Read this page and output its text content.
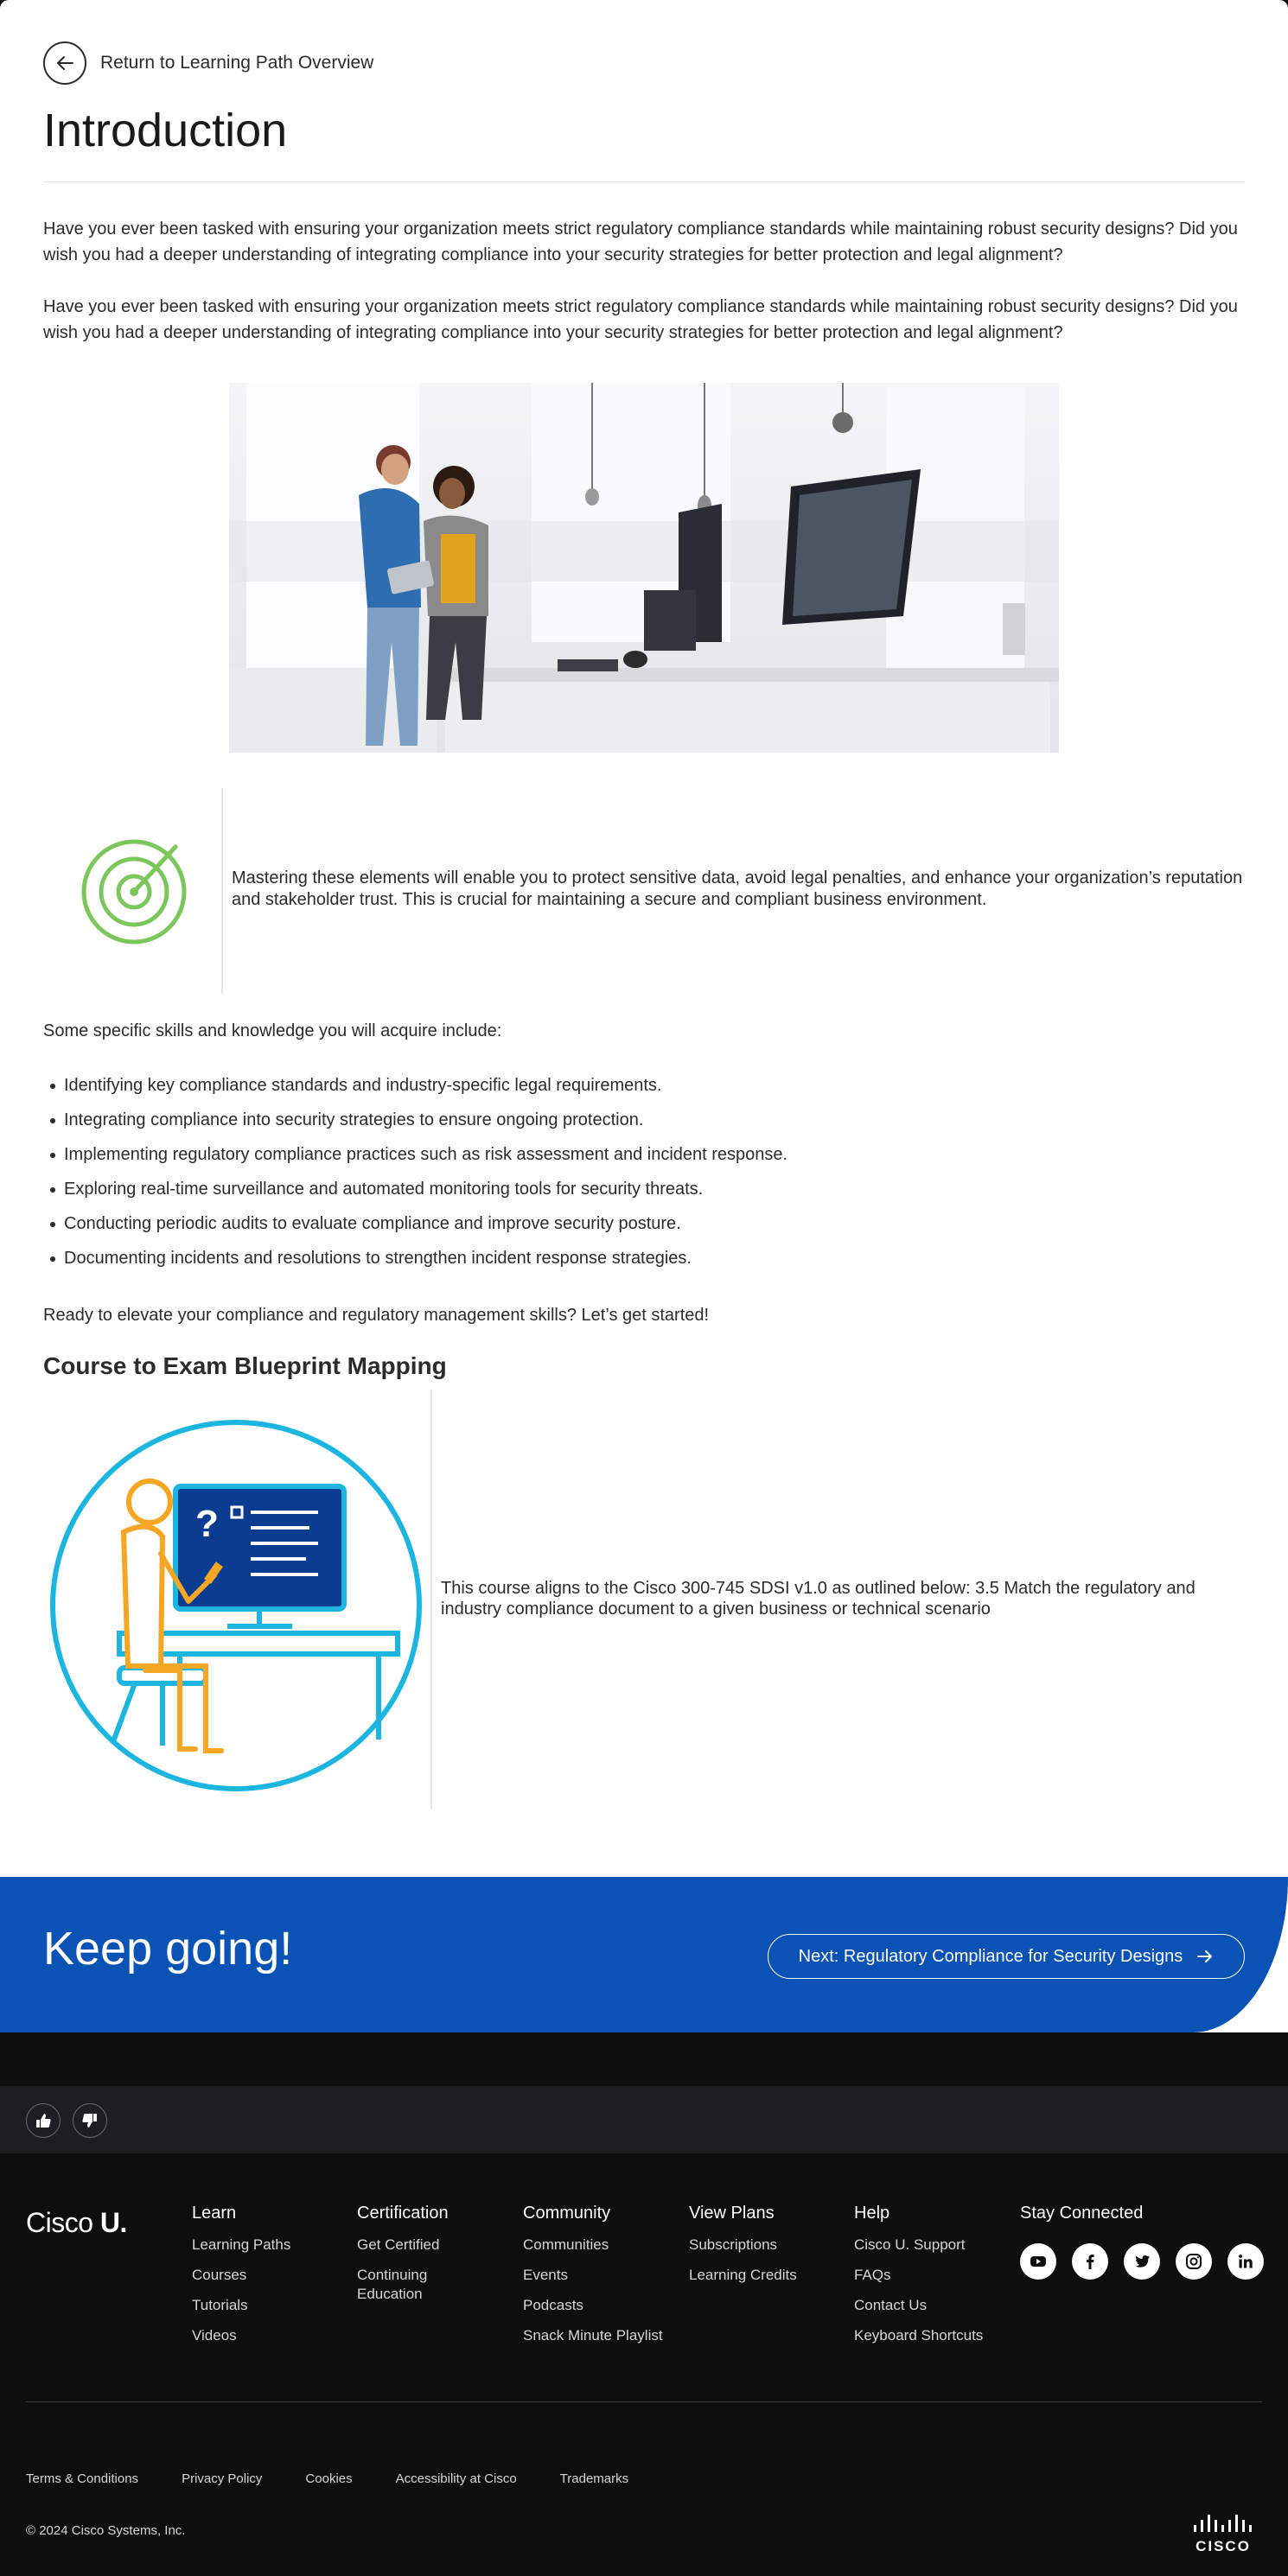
Return to Learning Path Overview
Introduction

Have you ever been tasked with ensuring your organization meets strict regulatory compliance standards while maintaining robust security designs? Did you wish you had a deeper understanding of integrating compliance into your security strategies for better protection and legal alignment?

Have you ever been tasked with ensuring your organization meets strict regulatory compliance standards while maintaining robust security designs? Did you wish you had a deeper understanding of integrating compliance into your security strategies for better protection and legal alignment?

Mastering these elements will enable you to protect sensitive data, avoid legal penalties, and enhance your organization’s reputation and stakeholder trust. This is crucial for maintaining a secure and compliant business environment.

Some specific skills and knowledge you will acquire include:

Identifying key compliance standards and industry-specific legal requirements.
Integrating compliance into security strategies to ensure ongoing protection.
Implementing regulatory compliance practices such as risk assessment and incident response.
Exploring real-time surveillance and automated monitoring tools for security threats.
Conducting periodic audits to evaluate compliance and improve security posture.
Documenting incidents and resolutions to strengthen incident response strategies.

Ready to elevate your compliance and regulatory management skills? Let’s get started!

Course to Exam Blueprint Mapping
?

This course aligns to the Cisco 300-745 SDSI v1.0 as outlined below: 3.5 Match the regulatory and industry compliance document to a given business or technical scenario

Keep going!	Next: Regulatory Compliance for Security Designs
Cisco U.	Learn
Learning Paths
Courses
Tutorials
Videos
Certification
Get Certified
Continuing Education
Community
Communities
Events
Podcasts
Snack Minute Playlist
View Plans
Subscriptions
Learning Credits
Help
Cisco U. Support
FAQs
Contact Us
Keyboard Shortcuts
Stay Connected
Terms & Conditions	Privacy Policy	Cookies	Accessibility at Cisco	Trademarks
© 2024 Cisco Systems, Inc.
CISCO
